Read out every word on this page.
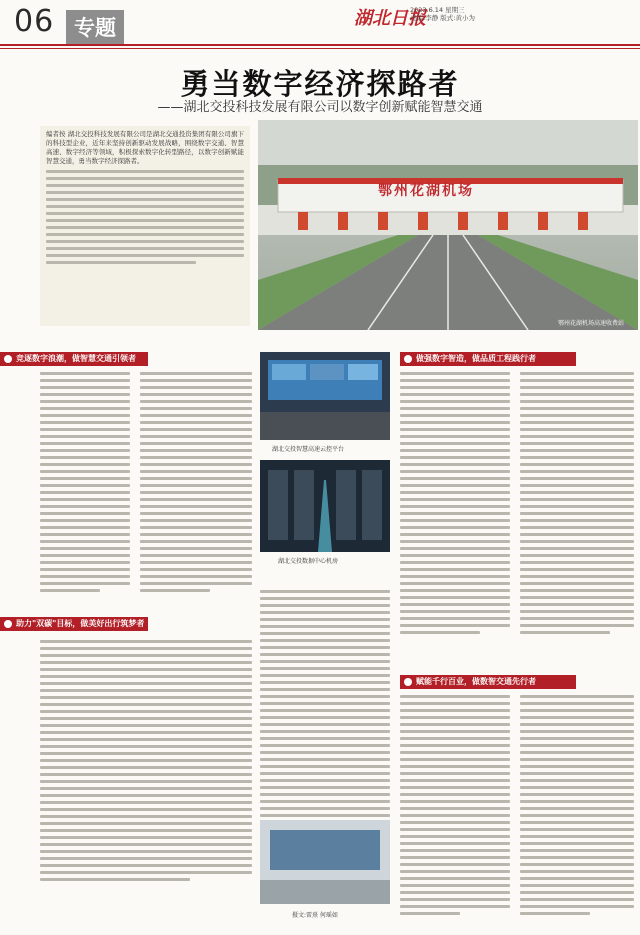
06 专题	湖北日报
2023.6.14 星期三
责编:李静 版式:黄小为
勇当数字经济探路者
——湖北交投科技发展有限公司以数字创新赋能智慧交通
编者按 湖北交投科技发展有限公司是湖北交通投资集团有限公司旗下的科技型企业，近年来坚持创新驱动发展战略，围绕数字交通、智慧高速、数字经济等领域，积极探索数字化转型路径，以数字创新赋能智慧交通，勇当数字经济探路者。
鄂州花湖机场
鄂州花湖机场高速收费站
竞逐数字浪潮，做智慧交通引领者	做强数字智造，做品质工程践行者
助力"双碳"目标，做美好出行筑梦者
赋能千行百业，做数智交通先行者
湖北交投智慧高速云控平台
湖北交投数据中心机房
摄文:雷熹 何瑶如
